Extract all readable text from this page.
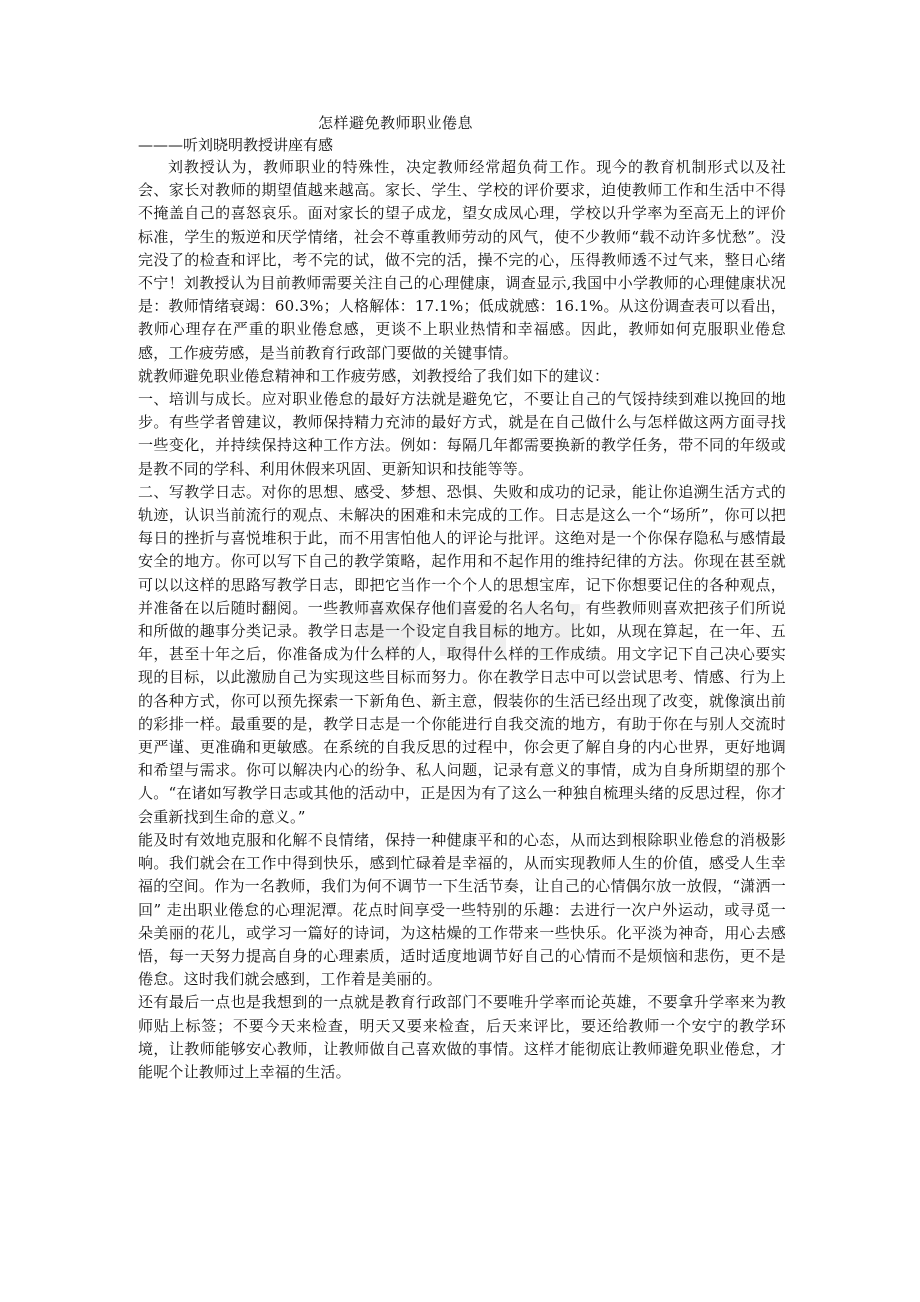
怎样避免教师职业倦息
———听刘晓明教授讲座有感

刘教授认为，教师职业的特殊性，决定教师经常超负荷工作。现今的教育机制形式以及社会、家长对教师的期望值越来越高。家长、学生、学校的评价要求，迫使教师工作和生活中不得不掩盖自己的喜怒哀乐。面对家长的望子成龙，望女成凤心理，学校以升学率为至高无上的评价标准，学生的叛逆和厌学情绪，社会不尊重教师劳动的风气，使不少教师“载不动许多忧愁”。没完没了的检查和评比，考不完的试，做不完的活，操不完的心，压得教师透不过气来，整日心绪不宁！刘教授认为目前教师需要关注自己的心理健康，调查显示,我国中小学教师的心理健康状况是：教师情绪衰竭：60.3%；人格解体：17.1%；低成就感：16.1%。从这份调查表可以看出，教师心理存在严重的职业倦怠感，更谈不上职业热情和幸福感。因此，教师如何克服职业倦怠感，工作疲劳感，是当前教育行政部门要做的关键事情。

就教师避免职业倦怠精神和工作疲劳感，刘教授给了我们如下的建议：

一、培训与成长。应对职业倦怠的最好方法就是避免它，不要让自己的气馁持续到难以挽回的地步。有些学者曾建议，教师保持精力充沛的最好方式，就是在自己做什么与怎样做这两方面寻找一些变化，并持续保持这种工作方法。例如：每隔几年都需要换新的教学任务，带不同的年级或是教不同的学科、利用休假来巩固、更新知识和技能等等。

二、写教学日志。对你的思想、感受、梦想、恐惧、失败和成功的记录，能让你追溯生活方式的轨迹，认识当前流行的观点、未解决的困难和未完成的工作。日志是这么一个“场所”，你可以把每日的挫折与喜悦堆积于此，而不用害怕他人的评论与批评。这绝对是一个你保存隐私与感情最安全的地方。你可以写下自己的教学策略，起作用和不起作用的维持纪律的方法。你现在甚至就可以以这样的思路写教学日志，即把它当作一个个人的思想宝库，记下你想要记住的各种观点，并准备在以后随时翻阅。一些教师喜欢保存他们喜爱的名人名句，有些教师则喜欢把孩子们所说和所做的趣事分类记录。教学日志是一个设定自我目标的地方。比如，从现在算起，在一年、五年，甚至十年之后，你准备成为什么样的人，取得什么样的工作成绩。用文字记下自己决心要实现的目标，以此激励自己为实现这些目标而努力。你在教学日志中可以尝试思考、情感、行为上的各种方式，你可以预先探索一下新角色、新主意，假装你的生活已经出现了改变，就像演出前的彩排一样。最重要的是，教学日志是一个你能进行自我交流的地方，有助于你在与别人交流时更严谨、更准确和更敏感。在系统的自我反思的过程中，你会更了解自身的内心世界，更好地调和希望与需求。你可以解决内心的纷争、私人问题，记录有意义的事情，成为自身所期望的那个人。“在诸如写教学日志或其他的活动中，正是因为有了这么一种独自梳理头绪的反思过程，你才会重新找到生命的意义。”

能及时有效地克服和化解不良情绪，保持一种健康平和的心态，从而达到根除职业倦怠的消极影响。我们就会在工作中得到快乐，感到忙碌着是幸福的，从而实现教师人生的价值，感受人生幸福的空间。作为一名教师，我们为何不调节一下生活节奏，让自己的心情偶尔放一放假，“潇洒一回” 走出职业倦怠的心理泥潭。花点时间享受一些特别的乐趣：去进行一次户外运动，或寻觅一朵美丽的花儿，或学习一篇好的诗词，为这枯燥的工作带来一些快乐。化平淡为神奇，用心去感悟，每一天努力提高自身的心理素质，适时适度地调节好自己的心情而不是烦恼和悲伤，更不是倦怠。这时我们就会感到，工作着是美丽的。

还有最后一点也是我想到的一点就是教育行政部门不要唯升学率而论英雄，不要拿升学率来为教师贴上标签；不要今天来检查，明天又要来检查，后天来评比，要还给教师一个安宁的教学环境，让教师能够安心教师，让教师做自己喜欢做的事情。这样才能彻底让教师避免职业倦怠，才能呢个让教师过上幸福的生活。
